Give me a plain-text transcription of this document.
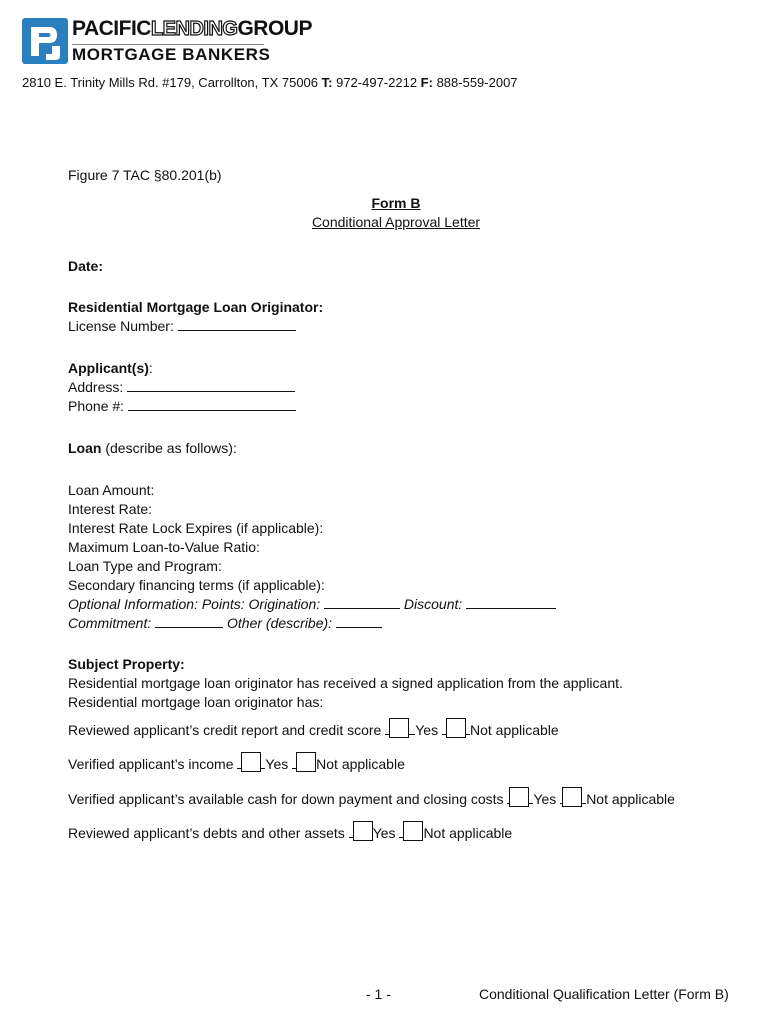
PACIFICLENDINGGROUP
MORTGAGE BANKERS
2810 E. Trinity Mills Rd. #179, Carrollton, TX 75006 T: 972-497-2212 F: 888-559-2007
Figure 7 TAC §80.201(b)
Form B
Conditional Approval Letter
Date:
Residential Mortgage Loan Originator:
License Number:
Applicant(s):
Address:
Phone #:
Loan (describe as follows):
Loan Amount:
Interest Rate:
Interest Rate Lock Expires (if applicable):
Maximum Loan-to-Value Ratio:
Loan Type and Program:
Secondary financing terms (if applicable):
Optional Information: Points: Origination:	Discount:
Commitment:	Other (describe):
Subject Property:
Residential mortgage loan originator has received a signed application from the applicant.
Residential mortgage loan originator has:
Reviewed applicant’s credit report and credit score Yes Not applicable
Verified applicant’s income Yes Not applicable
Verified applicant’s available cash for down payment and closing costs Yes Not applicable
Reviewed applicant’s debts and other assets Yes Not applicable
- 1 -	Conditional Qualification Letter (Form B)
